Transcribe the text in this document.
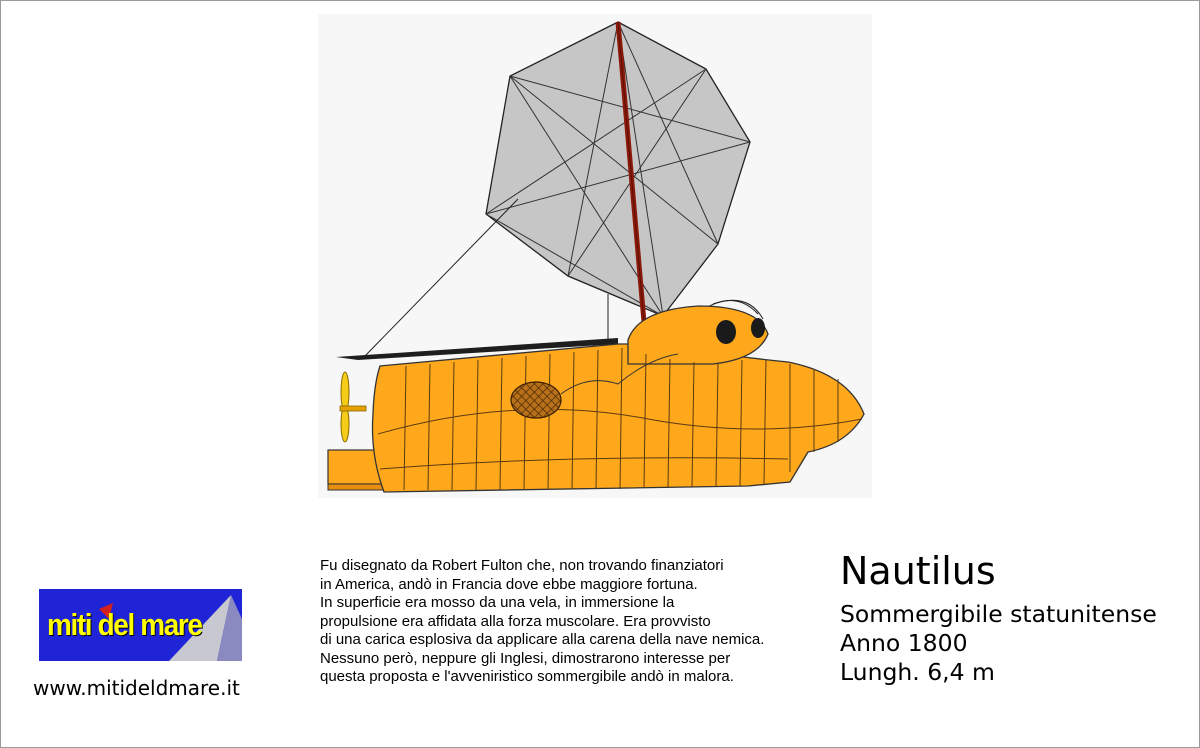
miti del mare
www.mitideldmare.it
Fu disegnato da Robert Fulton che, non trovando finanziatori
in America, andò in Francia dove ebbe maggiore fortuna.
In superficie era mosso da una vela, in immersione la
propulsione era affidata alla forza muscolare. Era provvisto
di una carica esplosiva da applicare alla carena della nave nemica.
Nessuno però, neppure gli Inglesi, dimostrarono interesse per
questa proposta e l'avveniristico sommergibile andò in malora.
Nautilus
Sommergibile statunitense
Anno 1800
Lungh. 6,4 m
